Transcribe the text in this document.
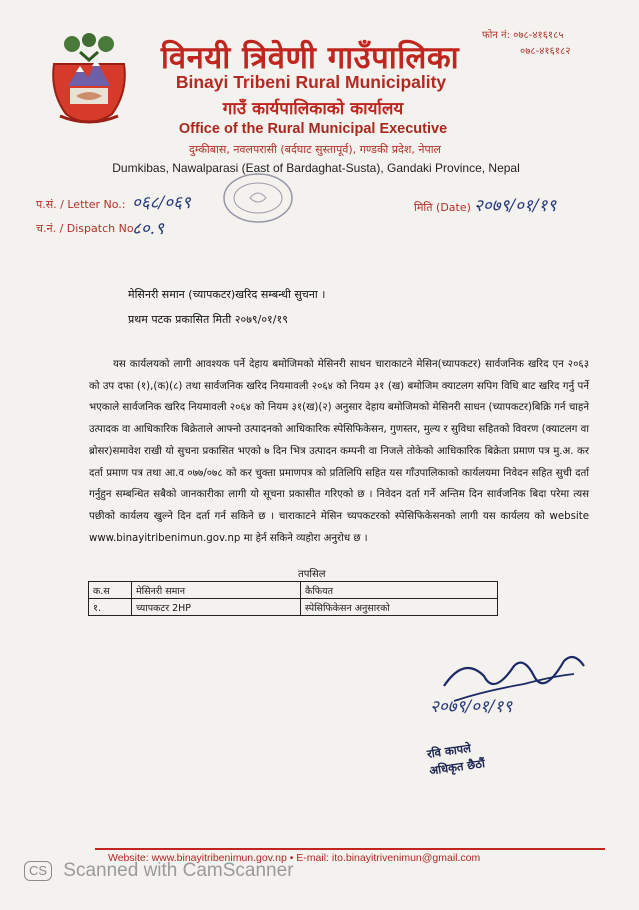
फोन नं: ०७८-४१६१८५
०७८-४१६१८२
विनयी त्रिवेणी गाउँपालिका
Binayi Tribeni Rural Municipality
गाउँ कार्यपालिकाको कार्यालय
Office of the Rural Municipal Executive
दुम्कीबास, नवलपरासी (बर्दघाट सुस्तापूर्व), गण्डकी प्रदेश, नेपाल
Dumkibas, Nawalparasi (East of Bardaghat-Susta), Gandaki Province, Nepal
प.सं. / Letter No.: ०६८/०६९
च.नं. / Dispatch No.:
८०.९
मिति (Date) २०७९/०१/१९
मेसिनरी समान (च्यापकटर)खरिद सम्बन्धी सुचना ।
प्रथम पटक प्रकासित मिती २०७९/०१/१९
यस कार्यलयको लागी आवश्यक पर्ने देहाय बमोजिमको मेसिनरी साधन चाराकाटने मेसिन(च्यापकटर) सार्वजनिक खरिद एन २०६३ को उप दफा (१),(क)(८) तथा सार्वजनिक खरिद नियमावली २०६४ को नियम ३१ (ख) बमोजिम क्याटलग सपिग विधि बाट खरिद गर्नु पर्ने भएकाले सार्वजनिक खरिद नियमावली २०६४ को नियम ३१(ख)(२) अनुसार देहाय बमोजिमको मेसिनरी साधन (च्यापकटर)बिक्रि गर्न चाहने उत्पादक वा आधिकारिक बिक्रेताले आफ्नो उत्पादनको आधिकारिक स्पेसिफिकेसन, गुणस्तर, मुल्य र सुविधा सहितको विवरण (क्याटलग वा ब्रोसर)समावेश राखी यो सुचना प्रकासित भएको ७ दिन भित्र उत्पादन कम्पनी वा निजले तोकेको आधिकारिक बिक्रेता प्रमाण पत्र मु.अ. कर दर्ता प्रमाण पत्र तथा आ.व ०७७/०७८ को कर चुक्ता प्रमाणपत्र को प्रतिलिपि सहित यस गाँउपालिकाको कार्यलयमा निवेदन सहित सुची दर्ता गर्नुहुन सम्बन्धित सबैको जानकारीका लागी यो सूचना प्रकासीत गरिएको छ । निवेदन दर्ता गर्ने अन्तिम दिन सार्वजनिक बिदा परेमा त्यस पछीको कार्यलय खुल्ने दिन दर्ता गर्न सकिने छ । चाराकाटने मेसिन च्यपकटरको स्पेसिफिकेसनको लागी यस कार्यलय को website www.binayitribenimun.gov.np मा हेर्न सकिने व्यहोरा अनुरोध छ ।
तपसिल
क.स	मेसिनरी समान	कैफियत
१.	च्यापकटर 2HP	स्पेसिफिकेसन अनुसारको
२०७९/०१/१९
रवि कापले
अधिकृत छैठौं
Website: www.binayitribenimun.gov.np • E-mail: ito.binayitrivenimun@gmail.com
CS Scanned with CamScanner
